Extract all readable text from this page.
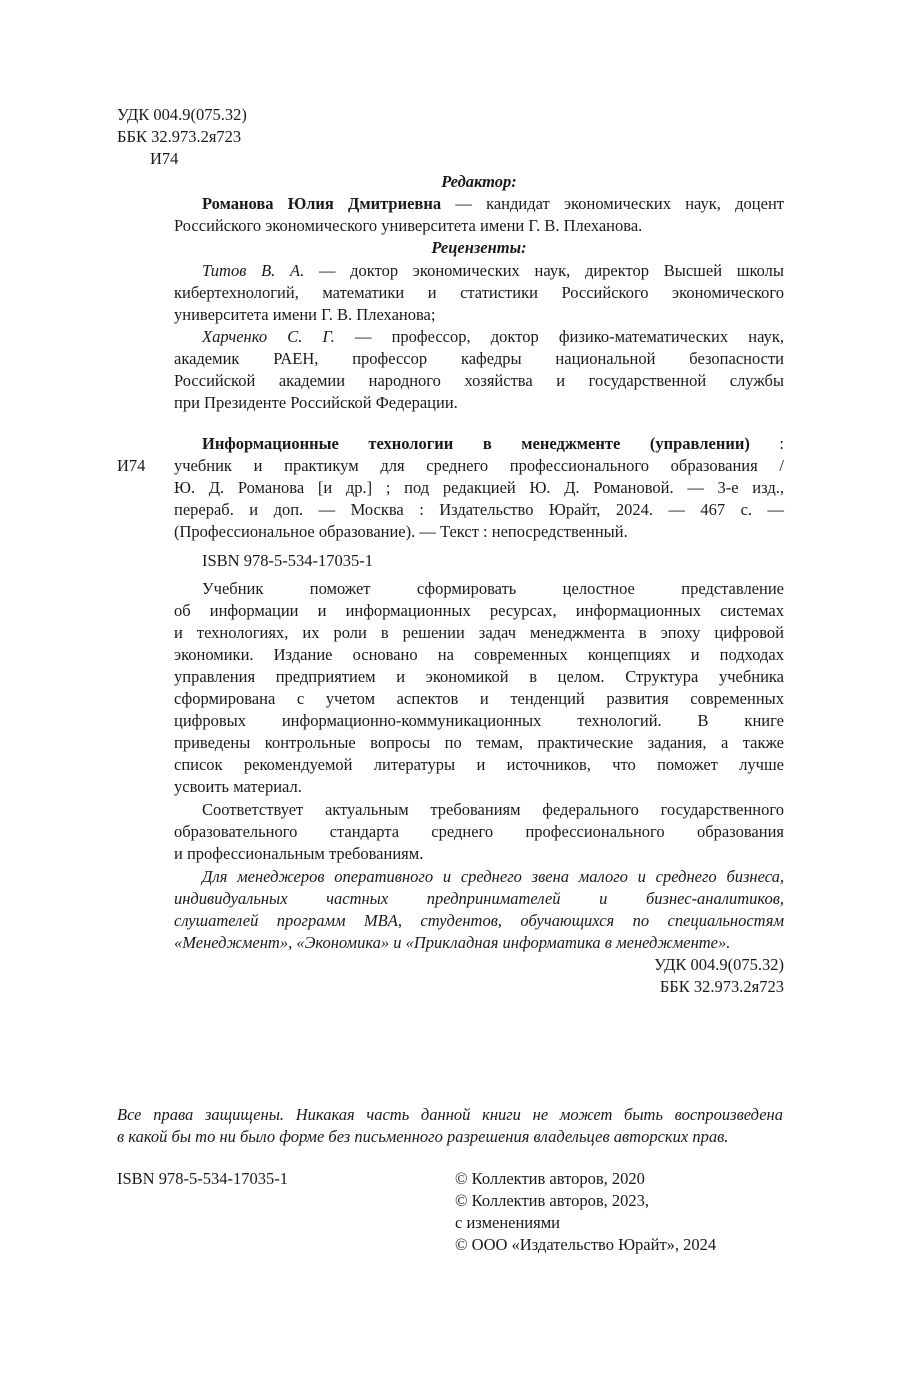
УДК 004.9(075.32)
ББК 32.973.2я723
И74
Редактор:
Романова Юлия Дмитриевна — кандидат экономических наук, доцент
Российского экономического университета имени Г. В. Плеханова.
Рецензенты:
Титов В. А. — доктор экономических наук, директор Высшей школы
кибертехнологий, математики и статистики Российского экономического
университета имени Г. В. Плеханова;
Харченко С. Г. — профессор, доктор физико-математических наук,
академик РАЕН, профессор кафедры национальной безопасности
Российской академии народного хозяйства и государственной службы
при Президенте Российской Федерации.
Информационные технологии в менеджменте (управлении) :
И74 учебник и практикум для среднего профессионального образования /
Ю. Д. Романова [и др.] ; под редакцией Ю. Д. Романовой. — 3-е изд.,
перераб. и доп. — Москва : Издательство Юрайт, 2024. — 467 с. —
(Профессиональное образование). — Текст : непосредственный.
ISBN 978-5-534-17035-1
Учебник поможет сформировать целостное представление
об информации и информационных ресурсах, информационных системах
и технологиях, их роли в решении задач менеджмента в эпоху цифровой
экономики. Издание основано на современных концепциях и подходах
управления предприятием и экономикой в целом. Структура учебника
сформирована с учетом аспектов и тенденций развития современных
цифровых информационно-коммуникационных технологий. В книге
приведены контрольные вопросы по темам, практические задания, а также
список рекомендуемой литературы и источников, что поможет лучше
усвоить материал.
Соответствует актуальным требованиям федерального государственного
образовательного стандарта среднего профессионального образования
и профессиональным требованиям.
Для менеджеров оперативного и среднего звена малого и среднего бизнеса,
индивидуальных частных предпринимателей и бизнес-аналитиков,
слушателей программ MBA, студентов, обучающихся по специальностям
«Менеджмент», «Экономика» и «Прикладная информатика в менеджменте».
УДК 004.9(075.32)
ББК 32.973.2я723
Все права защищены. Никакая часть данной книги не может быть воспроизведена
в какой бы то ни было форме без письменного разрешения владельцев авторских прав.
ISBN 978-5-534-17035-1	© Коллектив авторов, 2020
© Коллектив авторов, 2023,
с изменениями
© ООО «Издательство Юрайт», 2024
